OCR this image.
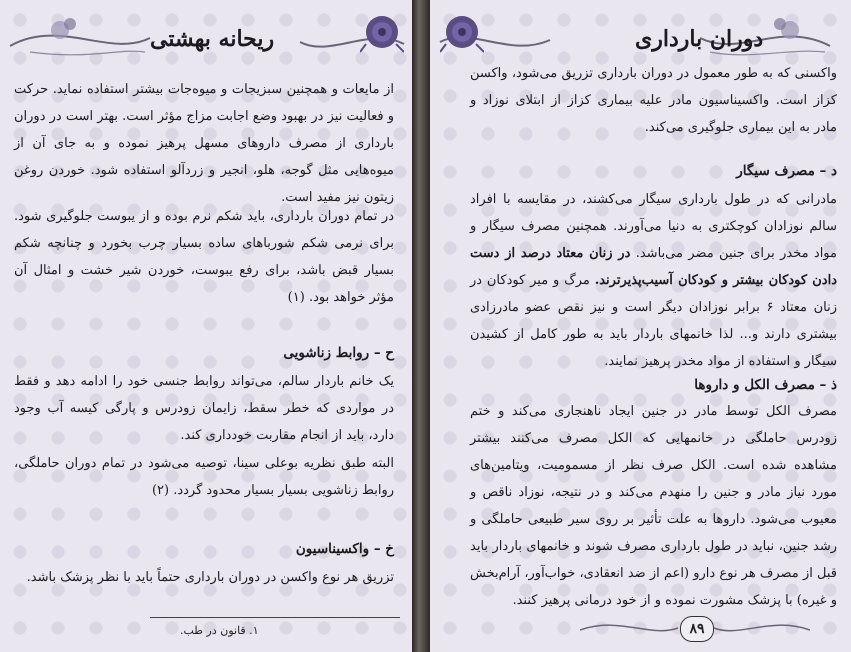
ریحانه بهشتی
از مایعات و همچنین سبزیجات و میوه‌جات بیشتر استفاده نماید. حرکت و فعالیت نیز در بهبود وضع اجابت مزاج مؤثر است. بهتر است در دوران بارداری از مصرف داروهای مسهل پرهیز نموده و به جای آن از میوه‌هایی مثل گوجه، هلو، انجیر و زردآلو استفاده شود. خوردن روغن زیتون نیز مفید است.
در تمام دوران بارداری، باید شکم نرم بوده و از یبوست جلوگیری شود. برای نرمی شکم شورباهای ساده بسیار چرب بخورد و چنانچه شکم بسیار قبض باشد، برای رفع یبوست، خوردن شیر خشت و امثال آن مؤثر خواهد بود. (۱)
ح – روابط زناشویی
یک خانم باردار سالم، می‌تواند روابط جنسی خود را ادامه دهد و فقط در مواردی که خطر سقط، زایمان زودرس و پارگی کیسه آب وجود دارد، باید از انجام مقاربت خودداری کند.
البته طبق نظریه بوعلی سینا، توصیه می‌شود در تمام دوران حاملگی، روابط زناشویی بسیار بسیار محدود گردد. (۲)
خ – واکسیناسیون
تزریق هر نوع واکسن در دوران بارداری حتماً باید با نظر پزشک باشد.
۱. قانون در طب.
دوران بارداری
واکسنی که به طور معمول در دوران بارداری تزریق می‌شود، واکسن کزاز است. واکسیناسیون مادر علیه بیماری کزاز از ابتلای نوزاد و مادر به این بیماری جلوگیری می‌کند.
د – مصرف سیگار
مادرانی که در طول بارداری سیگار می‌کشند، در مقایسه با افراد سالم نوزادان کوچکتری به دنیا می‌آورند. همچنین مصرف سیگار و مواد مخدر برای جنین مضر می‌باشد. در زنان معتاد درصد از دست دادن کودکان بیشتر و کودکان آسیب‌پذیرترند. مرگ و میر کودکان در زنان معتاد ۶ برابر نوزادان دیگر است و نیز نقص عضو مادرزادی بیشتری دارند و... لذا خانمهای باردار باید به طور کامل از کشیدن سیگار و استفاده از مواد مخدر پرهیز نمایند.
ذ – مصرف الکل و داروها
مصرف الکل توسط مادر در جنین ایجاد ناهنجاری می‌کند و ختم زودرس حاملگی در خانمهایی که الکل مصرف می‌کنند بیشتر مشاهده شده است. الکل صرف نظر از مسمومیت، ویتامین‌های مورد نیاز مادر و جنین را منهدم می‌کند و در نتیجه، نوزاد ناقص و معیوب می‌شود. داروها به علت تأثیر بر روی سیر طبیعی حاملگی و رشد جنین، نباید در طول بارداری مصرف شوند و خانمهای باردار باید قبل از مصرف هر نوع دارو (اعم از ضد انعقادی، خواب‌آور، آرام‌بخش و غیره) با پزشک مشورت نموده و از خود درمانی پرهیز کنند.
۸۹
